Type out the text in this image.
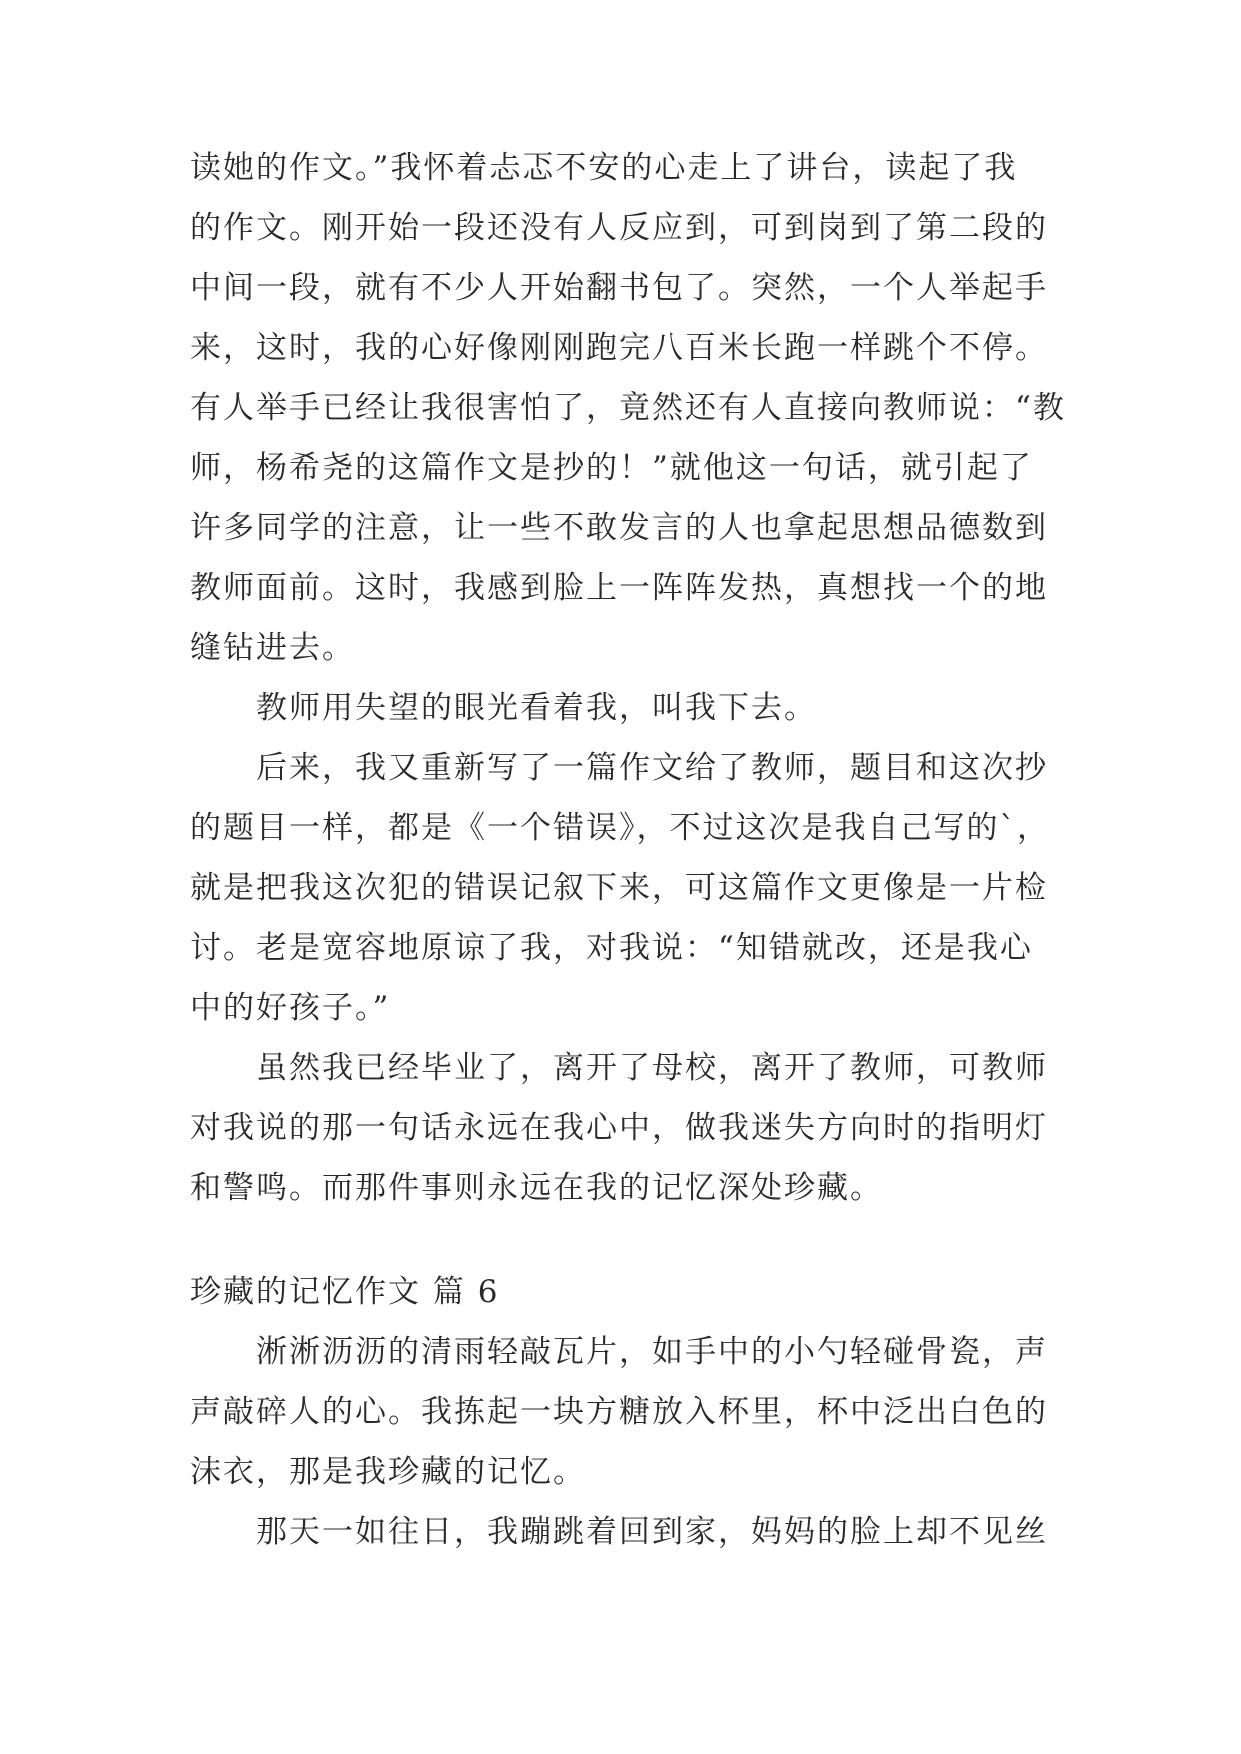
读她的作文。”我怀着忐忑不安的心走上了讲台，读起了我
的作文。刚开始一段还没有人反应到，可到岗到了第二段的
中间一段，就有不少人开始翻书包了。突然，一个人举起手
来，这时，我的心好像刚刚跑完八百米长跑一样跳个不停。
有人举手已经让我很害怕了，竟然还有人直接向教师说：“教
师，杨希尧的这篇作文是抄的！”就他这一句话，就引起了
许多同学的注意，让一些不敢发言的人也拿起思想品德数到
教师面前。这时，我感到脸上一阵阵发热，真想找一个的地
缝钻进去。
教师用失望的眼光看着我，叫我下去。
后来，我又重新写了一篇作文给了教师，题目和这次抄
的题目一样，都是《一个错误》，不过这次是我自己写的`，
就是把我这次犯的错误记叙下来，可这篇作文更像是一片检
讨。老是宽容地原谅了我，对我说：“知错就改，还是我心
中的好孩子。”
虽然我已经毕业了，离开了母校，离开了教师，可教师
对我说的那一句话永远在我心中，做我迷失方向时的指明灯
和警鸣。而那件事则永远在我的记忆深处珍藏。
珍藏的记忆作文 篇 6
淅淅沥沥的清雨轻敲瓦片，如手中的小勺轻碰骨瓷，声
声敲碎人的心。我拣起一块方糖放入杯里，杯中泛出白色的
沫衣，那是我珍藏的记忆。
那天一如往日，我蹦跳着回到家，妈妈的脸上却不见丝
